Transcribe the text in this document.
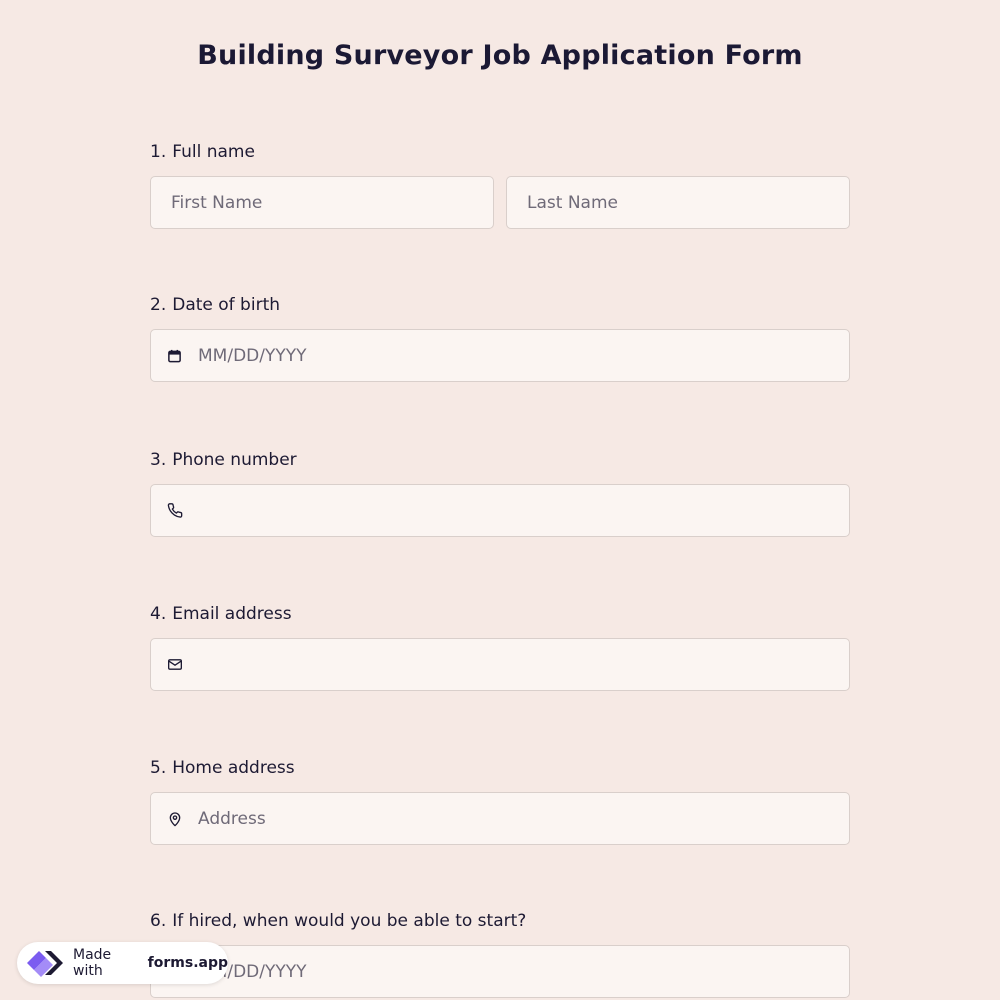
Building Surveyor Job Application Form
1. Full name
First Name
Last Name
2. Date of birth
MM/DD/YYYY
3. Phone number
4. Email address
5. Home address
Address
6. If hired, when would you be able to start?
MM/DD/YYYY
Made with	forms.app
